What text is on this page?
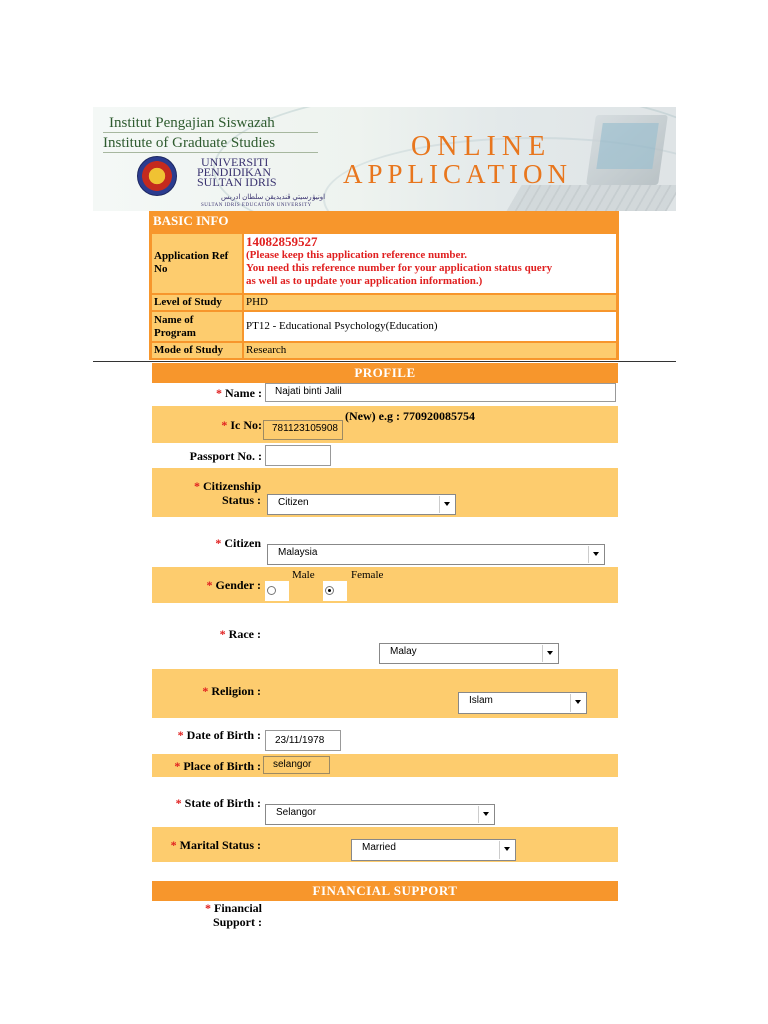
Institut Pengajian Siswazah
Institute of Graduate Studies
UNIVERSITI
PENDIDIKAN
SULTAN IDRIS
اونيۏرسيتي ڤنديديقن سلطان ادريس
SULTAN IDRIS EDUCATION UNIVERSITY
ONLINE
APPLICATION
BASIC INFO
Application Ref No
14082859527
(Please keep this application reference number.
You need this reference number for your application status query
as well as to update your application information.)
Level of Study PHD
Name of Program
PT12 - Educational Psychology(Education)
Mode of Study Research
PROFILE
* Name :	Najati binti Jalil
* Ic No:	781123105908
(New) e.g : 770920085754
Passport No. :
* Citizenship
Status : Citizen
* Citizen
Malaysia
* Gender :
Male	Female
* Race :
Malay
* Religion :
Islam
* Date of Birth :	23/11/1978
* Place of Birth :	selangor
* State of Birth :
Selangor
* Marital Status :	Married
FINANCIAL SUPPORT
* Financial
Support :
